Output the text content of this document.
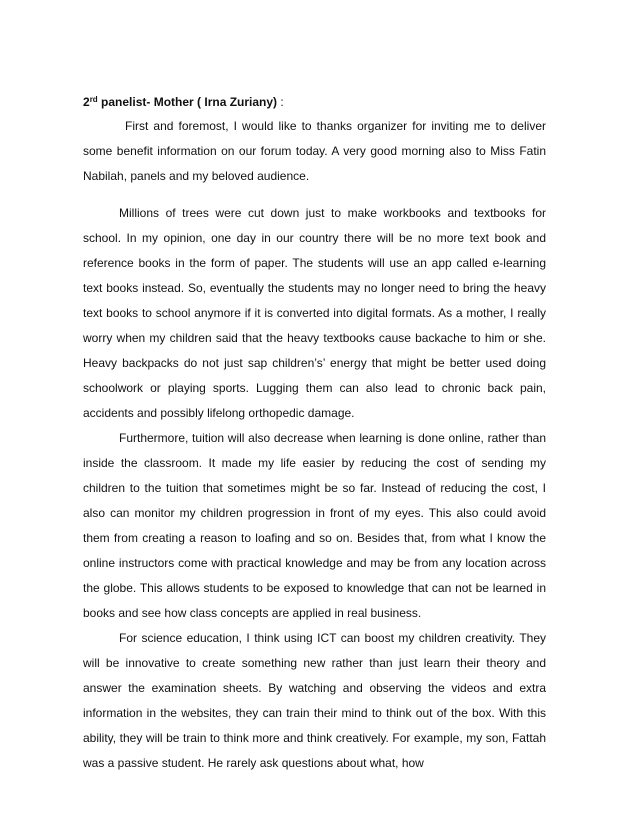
2rd panelist- Mother ( Irna Zuriany) :

First and foremost, I would like to thanks organizer for inviting me to deliver some benefit information on our forum today. A very good morning also to Miss Fatin Nabilah, panels and my beloved audience.

Millions of trees were cut down just to make workbooks and textbooks for school. In my opinion, one day in our country there will be no more text book and reference books in the form of paper. The students will use an app called e-learning text books instead. So, eventually the students may no longer need to bring the heavy text books to school anymore if it is converted into digital formats. As a mother, I really worry when my children said that the heavy textbooks cause backache to him or she. Heavy backpacks do not just sap children’s’ energy that might be better used doing schoolwork or playing sports. Lugging them can also lead to chronic back pain, accidents and possibly lifelong orthopedic damage.

Furthermore, tuition will also decrease when learning is done online, rather than inside the classroom. It made my life easier by reducing the cost of sending my children to the tuition that sometimes might be so far. Instead of reducing the cost, I also can monitor my children progression in front of my eyes. This also could avoid them from creating a reason to loafing and so on. Besides that, from what I know the online instructors come with practical knowledge and may be from any location across the globe. This allows students to be exposed to knowledge that can not be learned in books and see how class concepts are applied in real business.

For science education, I think using ICT can boost my children creativity. They will be innovative to create something new rather than just learn their theory and answer the examination sheets. By watching and observing the videos and extra information in the websites, they can train their mind to think out of the box. With this ability, they will be train to think more and think creatively. For example, my son, Fattah was a passive student. He rarely ask questions about what, how
